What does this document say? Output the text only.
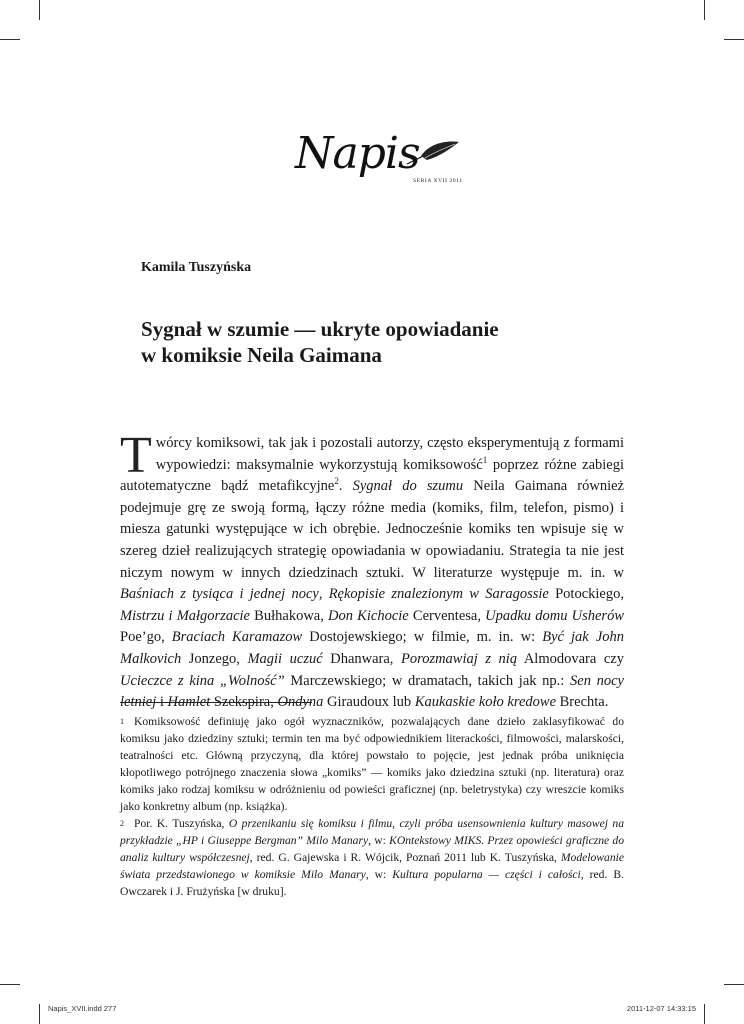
Napis
SERIA XVII 2011
Kamila Tuszyńska
Sygnał w szumie — ukryte opowiadanie
w komiksie Neila Gaimana

Twórcy komiksowi, tak jak i pozostali autorzy, często eksperymentują z formami wypowiedzi: maksymalnie wykorzystują komiksowość$^1$ poprzez różne zabiegi autotematyczne bądź metafikcyjne$^2$. Sygnał do szumu Neila Gaimana również podejmuje grę ze swoją formą, łączy różne media (komiks, film, telefon, pismo) i miesza gatunki występujące w ich obrębie. Jednocześnie komiks ten wpisuje się w szereg dzieł realizujących strategię opowiadania w opowiadaniu. Strategia ta nie jest niczym nowym w innych dziedzinach sztuki. W literaturze występuje m. in. w Baśniach z tysiąca i jednej nocy, Rękopisie znalezionym w Saragossie Potockiego, Mistrzu i Małgorzacie Bułhakowa, Don Kichocie Cerventesa, Upadku domu Usherów Poe’go, Braciach Karamazow Dostojewskiego; w filmie, m. in. w: Być jak John Malkovich Jonzego, Magii uczuć Dhanwara, Porozmawiaj z nią Almodovara czy Ucieczce z kina „Wolność” Marczewskiego; w dramatach, takich jak np.: Sen nocy letniej i Hamlet Szekspira, Ondyna Giraudoux lub Kaukaskie koło kredowe Brechta.

$^1$ Komiksowość definiuję jako ogół wyznaczników, pozwalających dane dzieło zaklasyfikować do komiksu jako dziedziny sztuki; termin ten ma być odpowiednikiem literackości, filmowości, malarskości, teatralności etc. Główną przyczyną, dla której powstało to pojęcie, jest jednak próba uniknięcia kłopotliwego potrójnego znaczenia słowa „komiks” — komiks jako dziedzina sztuki (np. literatura) oraz komiks jako rodzaj komiksu w odróżnieniu od powieści graficznej (np. beletrystyka) czy wreszcie komiks jako konkretny album (np. książka).

$^2$ Por. K. Tuszyńska, O przenikaniu się komiksu i filmu, czyli próba usensownienia kultury masowej na przykładzie „HP i Giuseppe Bergman” Milo Manary, w: KOntekstowy MIKS. Przez opowieści graficzne do analiz kultury współczesnej, red. G. Gajewska i R. Wójcik, Poznań 2011 lub K. Tuszyńska, Modelowanie świata przedstawionego w komiksie Milo Manary, w: Kultura popularna — części i całości, red. B. Owczarek i J. Frużyńska [w druku].

Napis_XVII.indd 277	2011-12-07 14:33:15
